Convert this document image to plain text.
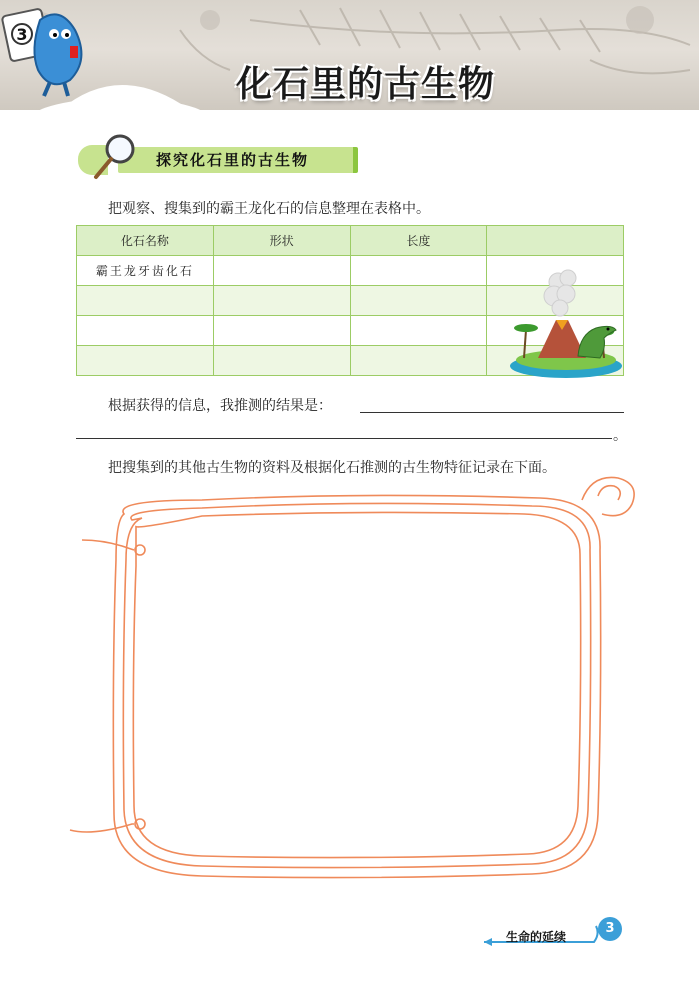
3
化石里的古生物
探究化石里的古生物
把观察、搜集到的霸王龙化石的信息整理在表格中。
化石名称	形状	长度	
霸王龙牙齿化石			

根据获得的信息，我推测的结果是：
。
把搜集到的其他古生物的资料及根据化石推测的古生物特征记录在下面。
生命的延续
3
